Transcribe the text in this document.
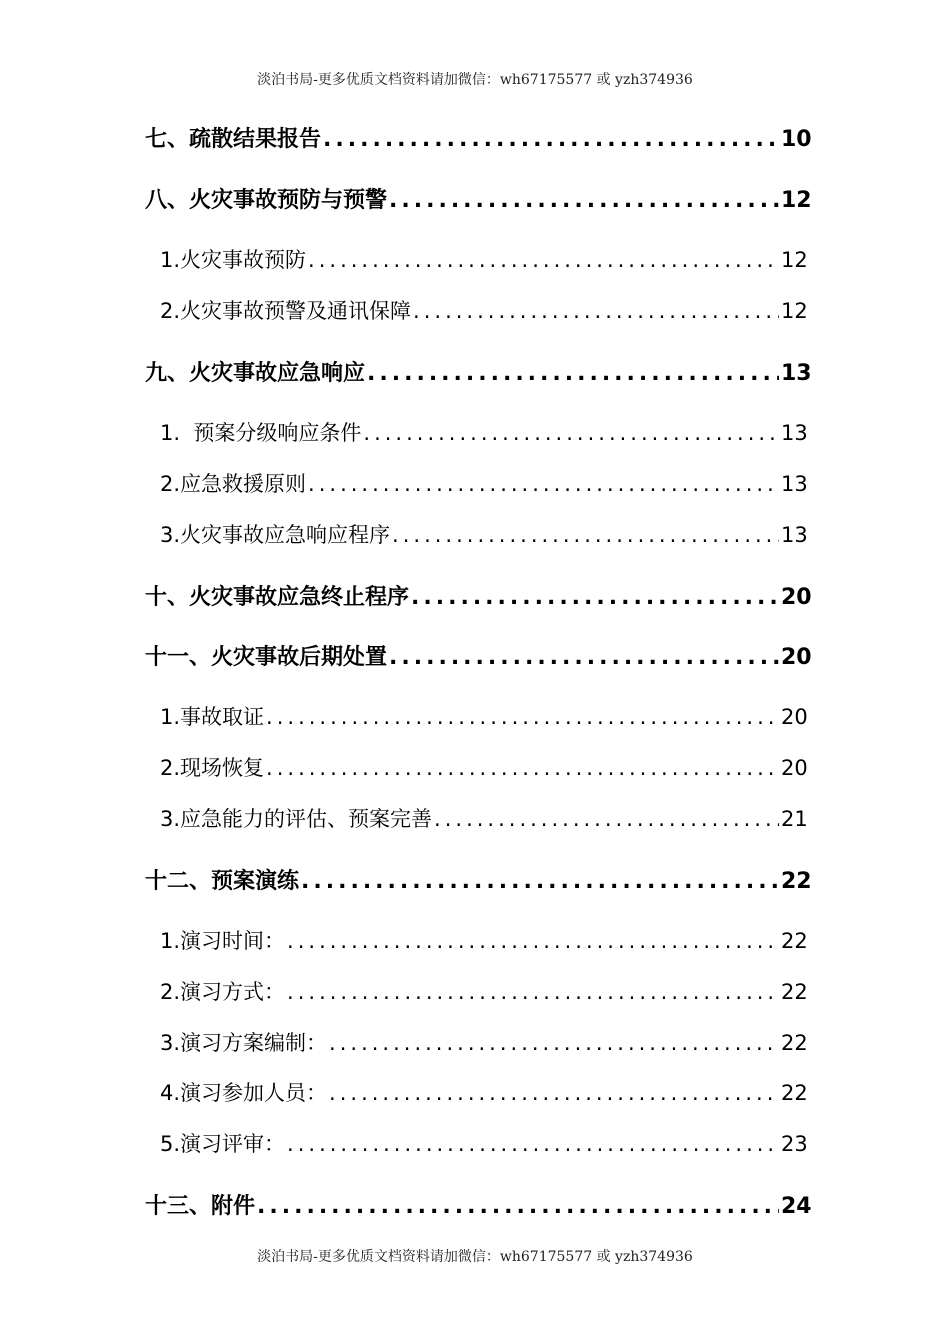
淡泊书局-更多优质文档资料请加微信：wh67175577 或 yzh374936
七、 疏散结果报告 .....	10
八、 火灾事故预防与预警 .....	12
1. 火灾事故预防 .....	12
2. 火灾事故预警及通讯保障 .....	12
九、 火灾事故应急响应 .....	13
1. 预案分级响应条件 .....	13
2. 应急救援原则 .....	13
3. 火灾事故应急响应程序 .....	13
十、 火灾事故应急终止程序 .....	20
十一、 火灾事故后期处置 .....	20
1. 事故取证 .....	20
2. 现场恢复 .....	20
3. 应急能力的评估、预案完善 .....	21
十二、 预案演练 .....	22
1. 演习时间： .....	22
2. 演习方式： .....	22
3. 演习方案编制： .....	22
4. 演习参加人员： .....	22
5. 演习评审： .....	23
十三、 附件 .....	24
淡泊书局-更多优质文档资料请加微信：wh67175577 或 yzh374936
